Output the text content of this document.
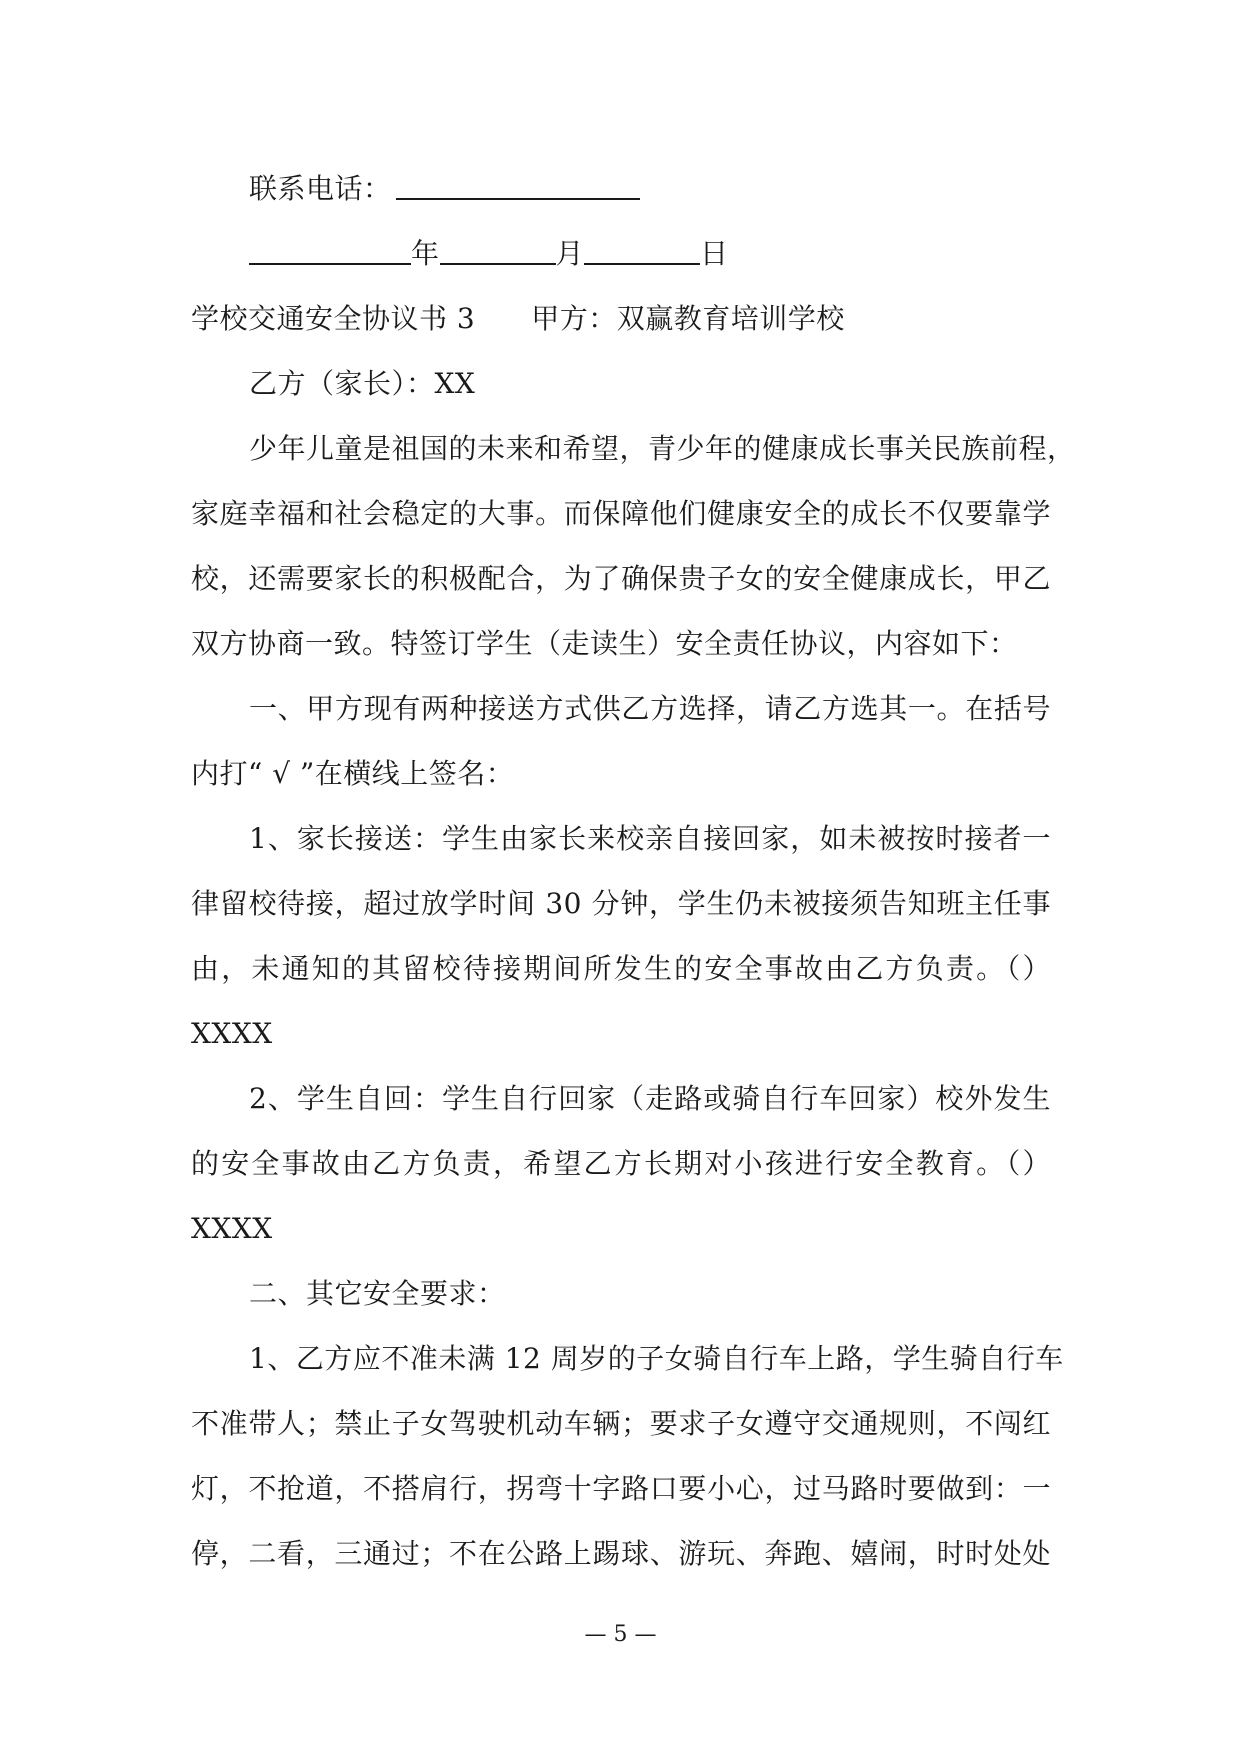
联系电话：
年	月	日
学校交通安全协议书 3 甲方：双赢教育培训学校
乙方（家长）：XX
少年儿童是祖国的未来和希望，青少年的健康成长事关民族前程，
家庭幸福和社会稳定的大事。而保障他们健康安全的成长不仅要靠学
校，还需要家长的积极配合，为了确保贵子女的安全健康成长，甲乙
双方协商一致。特签订学生（走读生）安全责任协议，内容如下：
一、甲方现有两种接送方式供乙方选择，请乙方选其一。在括号
内打“ √ ”在横线上签名：
1、家长接送：学生由家长来校亲自接回家，如未被按时接者一
律留校待接，超过放学时间 30 分钟，学生仍未被接须告知班主任事
由，未通知的其留校待接期间所发生的安全事故由乙方负责。（）
XXXX
2、学生自回：学生自行回家（走路或骑自行车回家）校外发生
的安全事故由乙方负责，希望乙方长期对小孩进行安全教育。（）
XXXX
二、其它安全要求：
1、乙方应不准未满 12 周岁的子女骑自行车上路，学生骑自行车
不准带人；禁止子女驾驶机动车辆；要求子女遵守交通规则，不闯红
灯，不抢道，不搭肩行，拐弯十字路口要小心，过马路时要做到：一
停，二看，三通过；不在公路上踢球、游玩、奔跑、嬉闹，时时处处
— 5 —
